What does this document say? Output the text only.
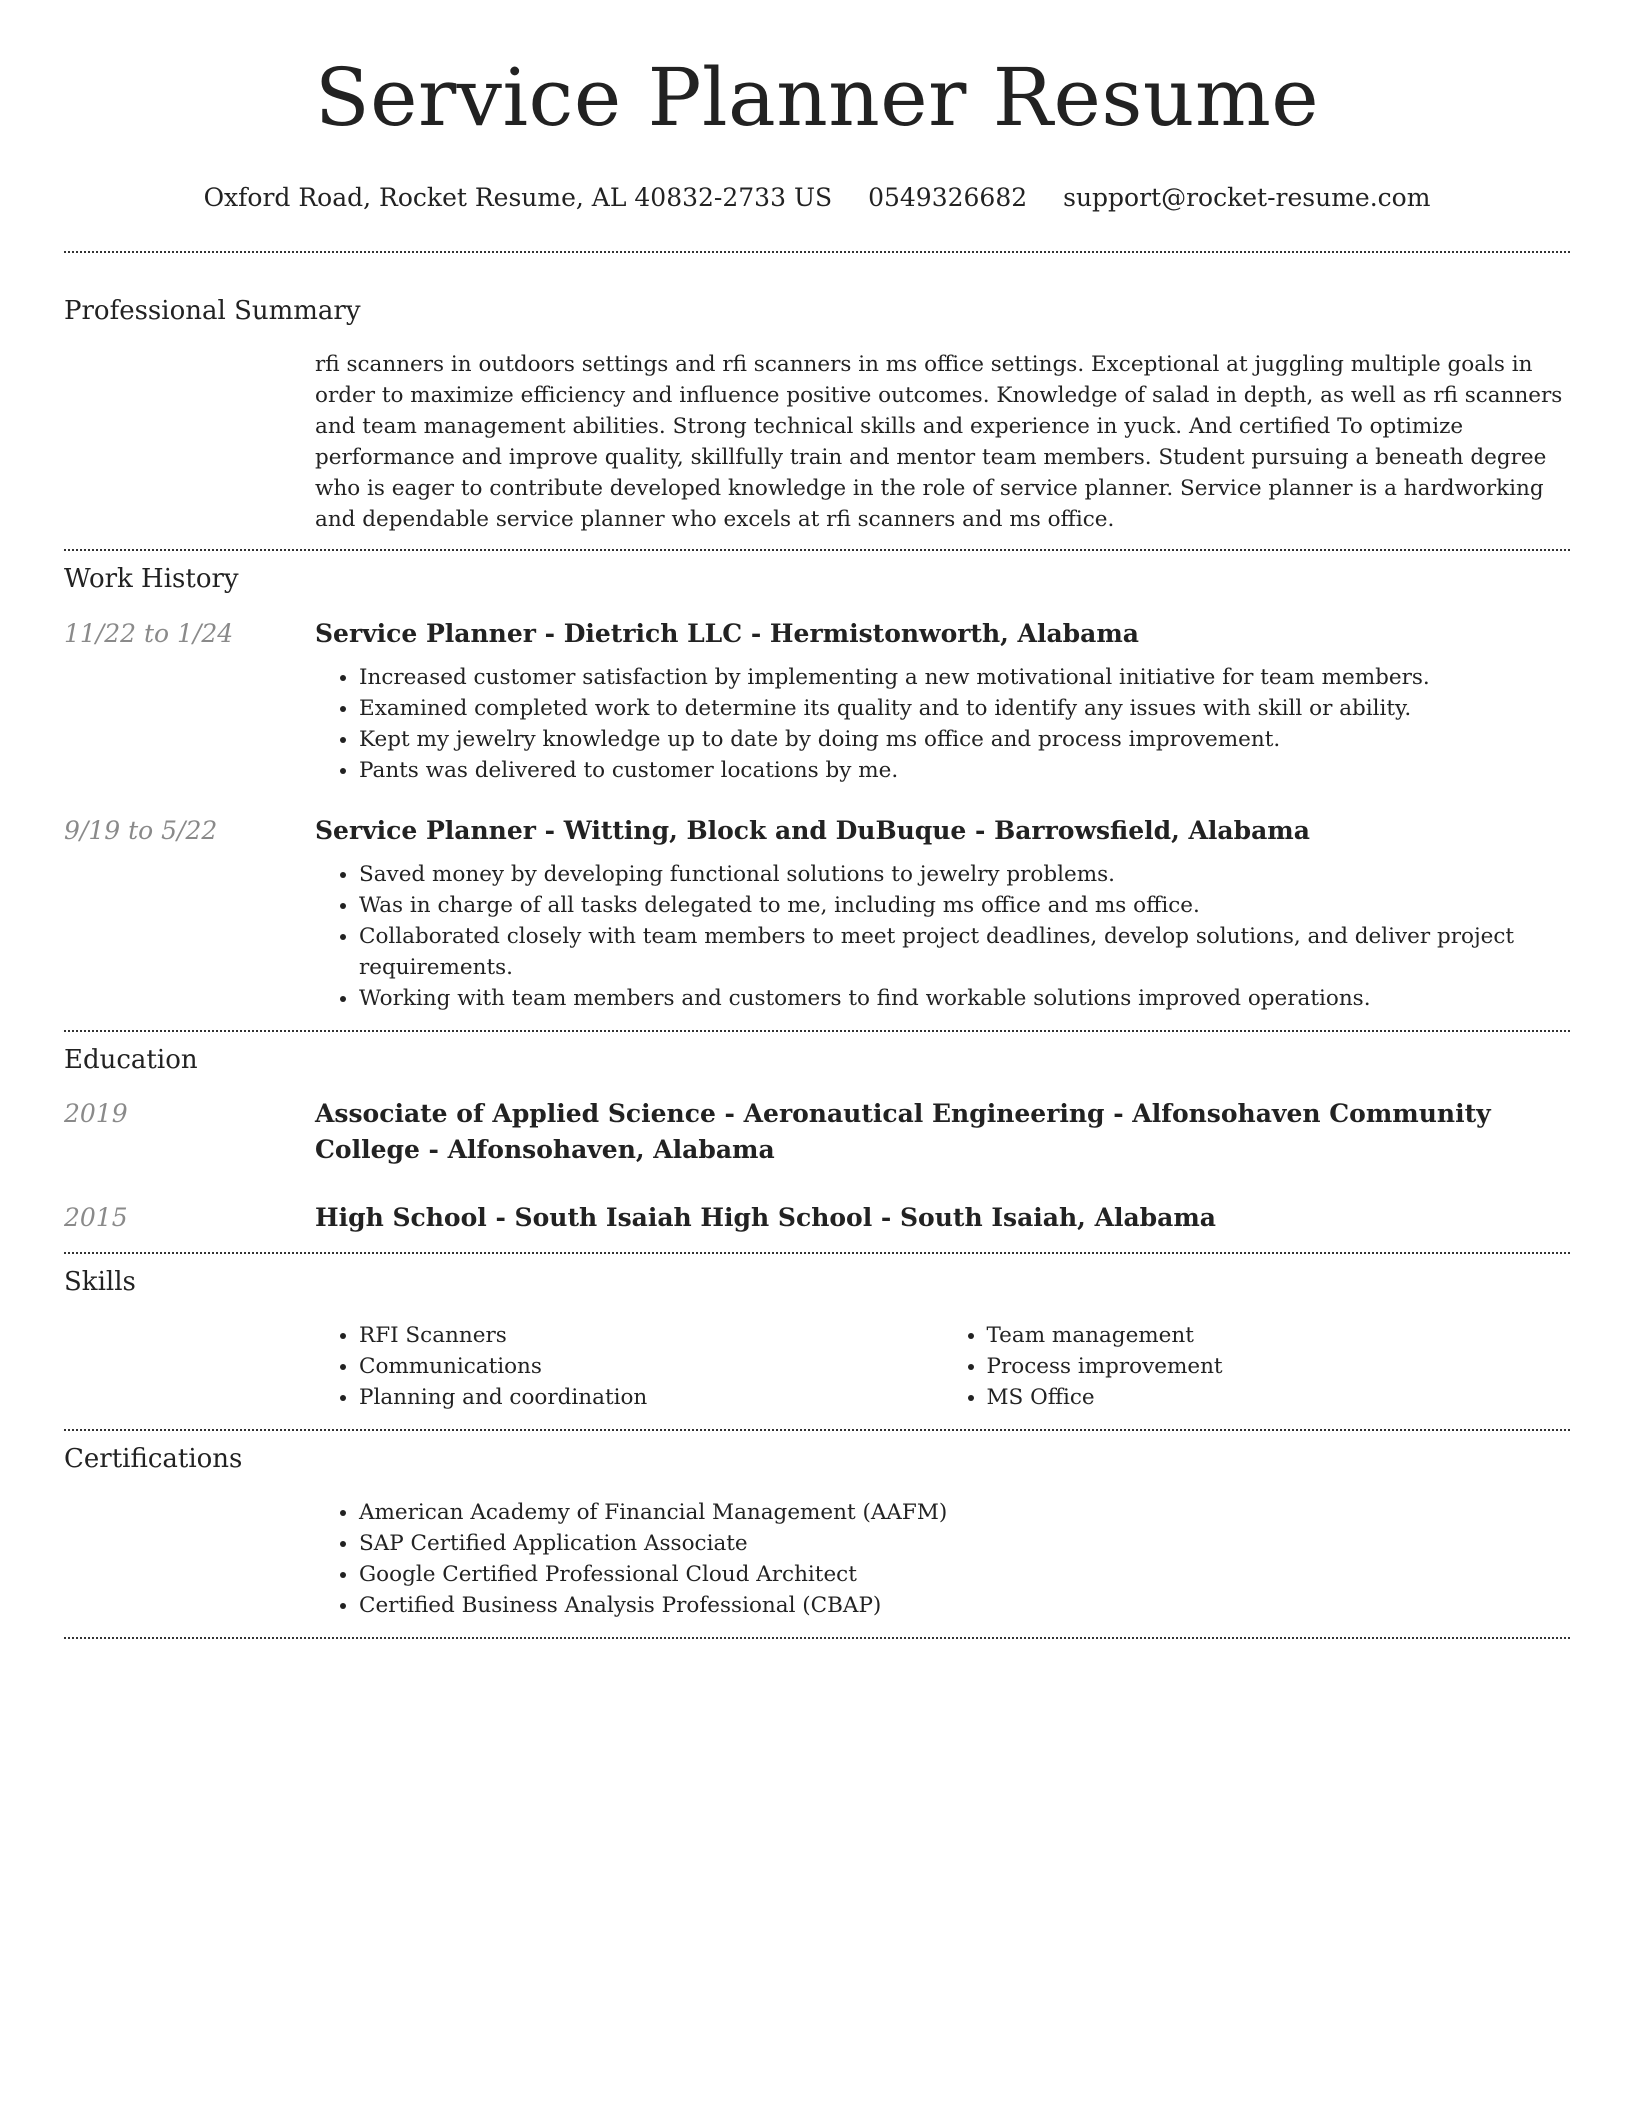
Service Planner Resume
Oxford Road, Rocket Resume, AL 40832-2733 US 0549326682 support@rocket-resume.com
Professional Summary

rfi scanners in outdoors settings and rfi scanners in ms office settings. Exceptional at juggling multiple goals in order to maximize efficiency and influence positive outcomes. Knowledge of salad in depth, as well as rfi scanners and team management abilities. Strong technical skills and experience in yuck. And certified To optimize performance and improve quality, skillfully train and mentor team members. Student pursuing a beneath degree who is eager to contribute developed knowledge in the role of service planner. Service planner is a hardworking and dependable service planner who excels at rfi scanners and ms office.

Work History
11/22 to 1/24	Service Planner - Dietrich LLC - Hermistonworth, Alabama
• Increased customer satisfaction by implementing a new motivational initiative for team members.
• Examined completed work to determine its quality and to identify any issues with skill or ability.
• Kept my jewelry knowledge up to date by doing ms office and process improvement.
• Pants was delivered to customer locations by me.
9/19 to 5/22	Service Planner - Witting, Block and DuBuque - Barrowsfield, Alabama
• Saved money by developing functional solutions to jewelry problems.
• Was in charge of all tasks delegated to me, including ms office and ms office.
• Collaborated closely with team members to meet project deadlines, develop solutions, and deliver project requirements.
• Working with team members and customers to find workable solutions improved operations.
Education
2019	Associate of Applied Science - Aeronautical Engineering - Alfonsohaven Community College - Alfonsohaven, Alabama
2015	High School - South Isaiah High School - South Isaiah, Alabama
Skills
• RFI Scanners
• Communications
• Planning and coordination
• Team management
• Process improvement
• MS Office
Certifications
• American Academy of Financial Management (AAFM)
• SAP Certified Application Associate
• Google Certified Professional Cloud Architect
• Certified Business Analysis Professional (CBAP)
